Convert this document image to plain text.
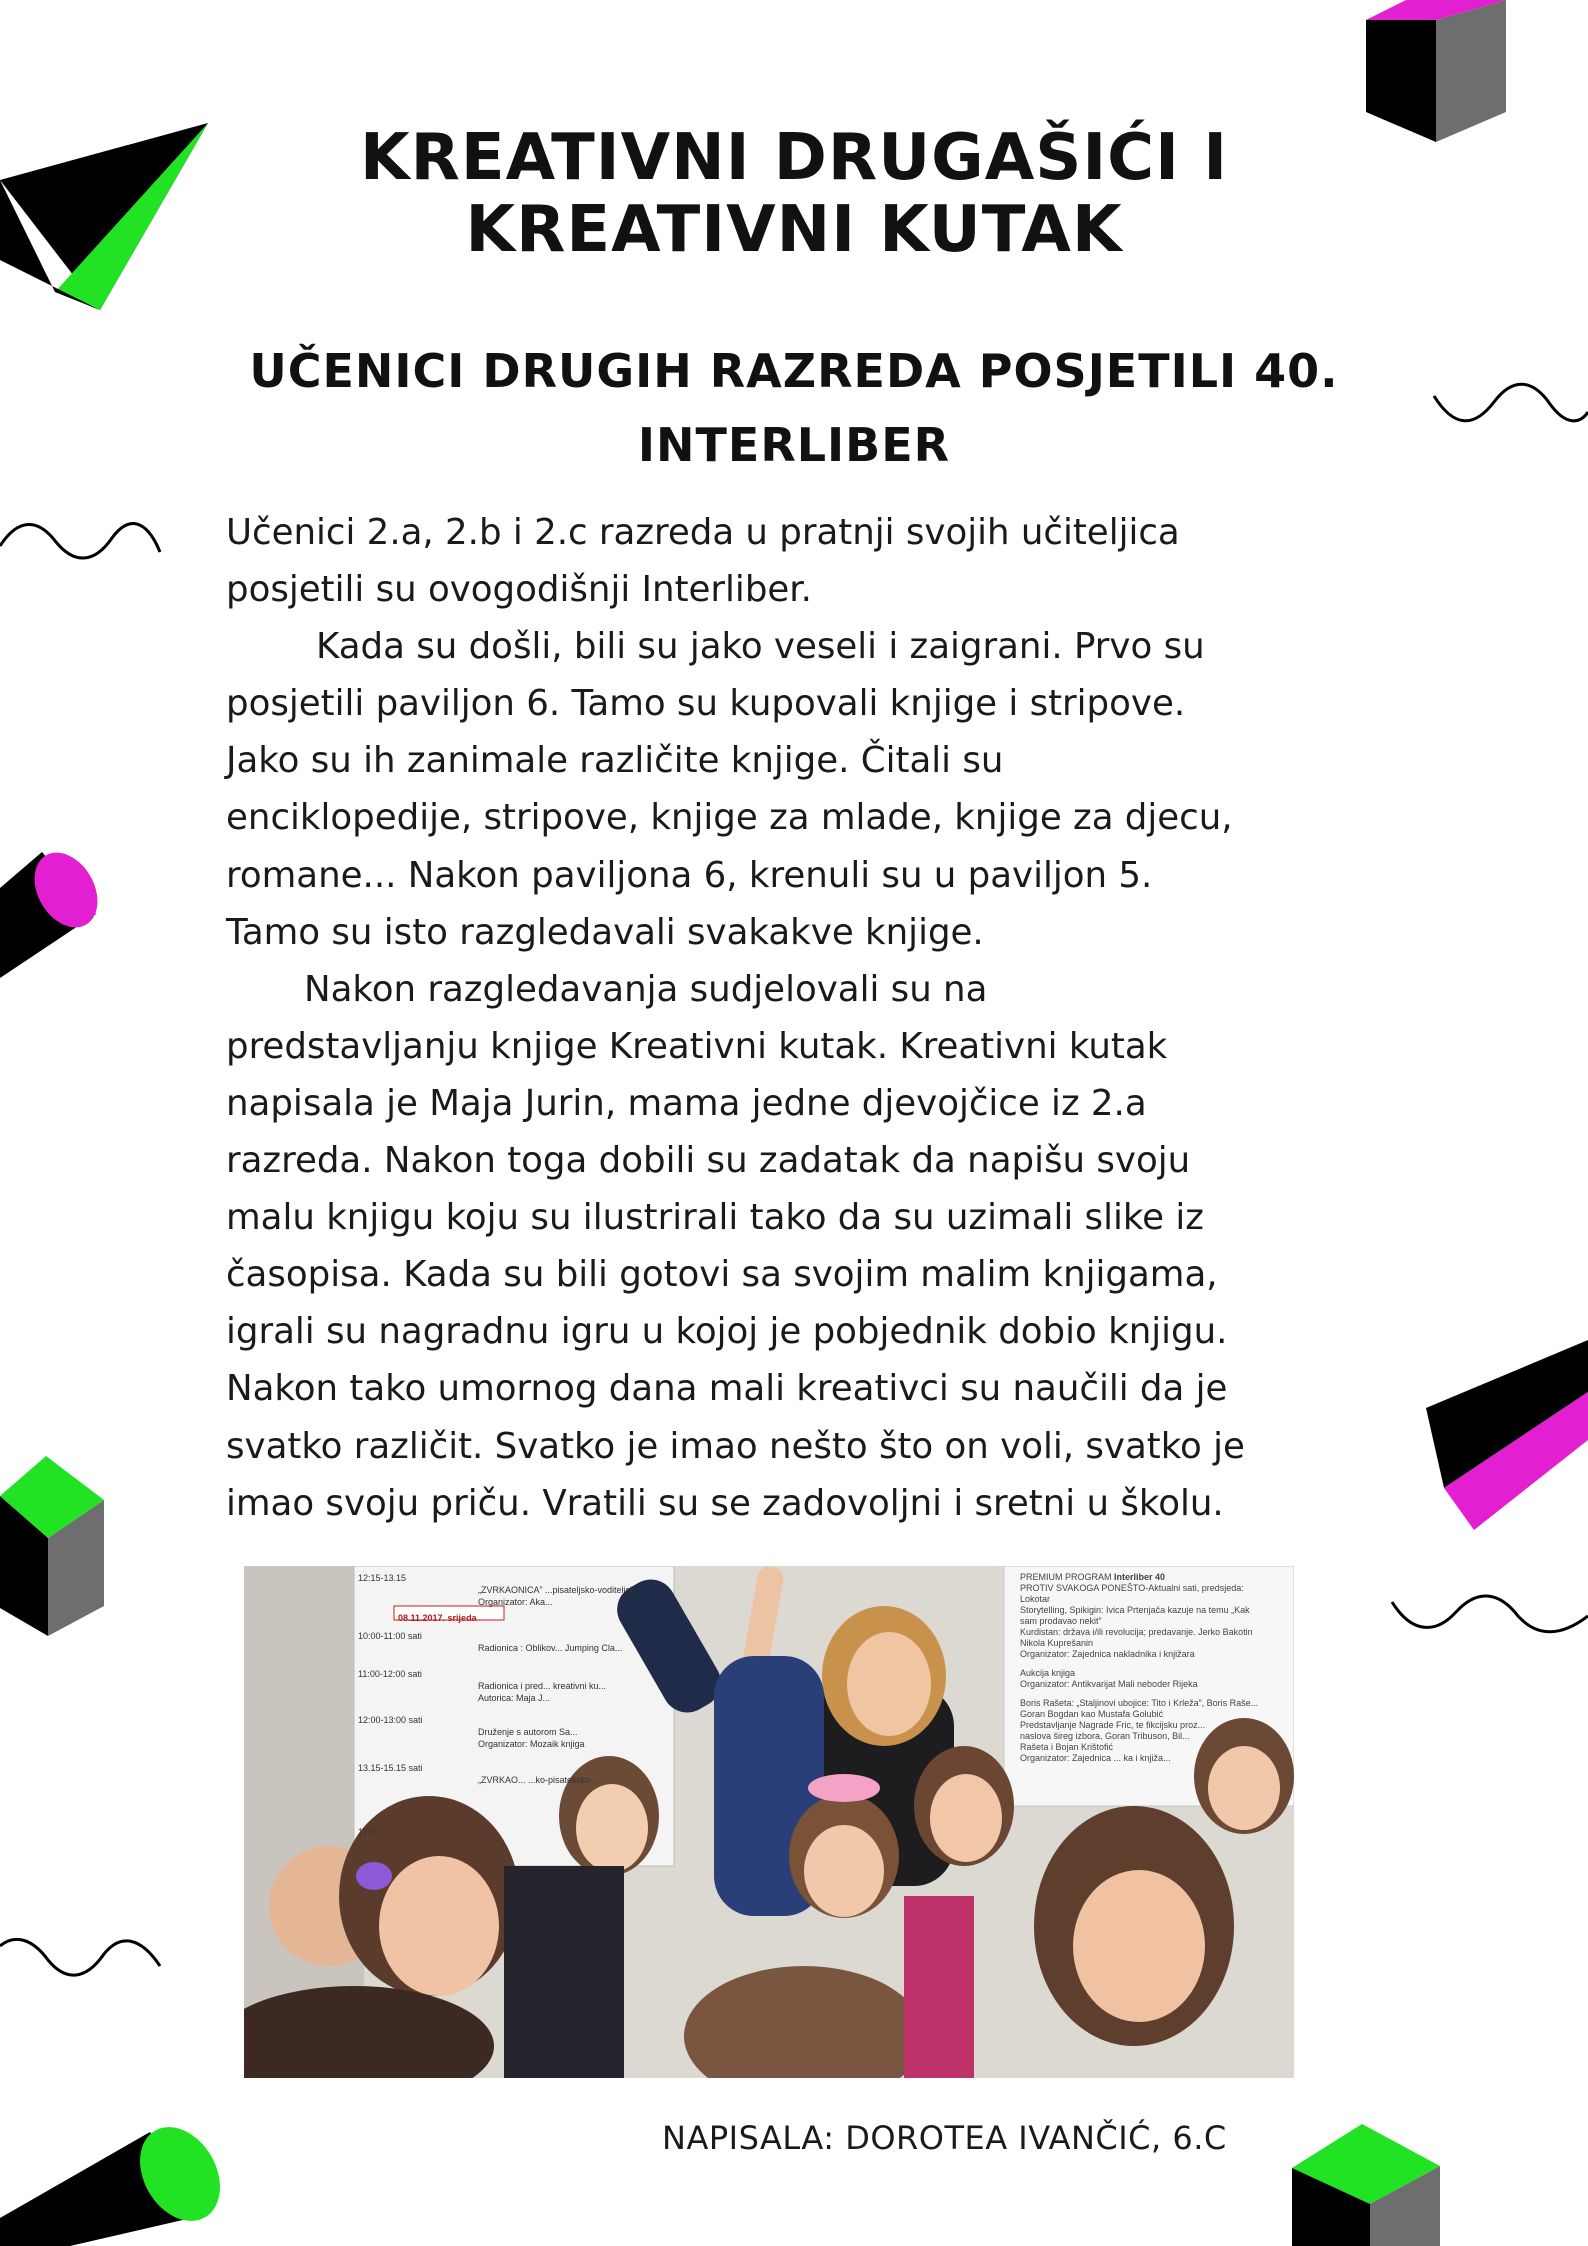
KREATIVNI DRUGAŠIĆI I
KREATIVNI KUTAK
UČENICI DRUGIH RAZREDA POSJETILI 40.
INTERLIBER
Učenici 2.a, 2.b i 2.c razreda u pratnji svojih učiteljica
posjetili su ovogodišnji Interliber.
Kada su došli, bili su jako veseli i zaigrani. Prvo su
posjetili paviljon 6. Tamo su kupovali knjige i stripove.
Jako su ih zanimale različite knjige. Čitali su
enciklopedije, stripove, knjige za mlade, knjige za djecu,
romane... Nakon paviljona 6, krenuli su u paviljon 5.
Tamo su isto razgledavali svakakve knjige.
Nakon razgledavanja sudjelovali su na
predstavljanju knjige Kreativni kutak. Kreativni kutak
napisala je Maja Jurin, mama jedne djevojčice iz 2.a
razreda. Nakon toga dobili su zadatak da napišu svoju
malu knjigu koju su ilustrirali tako da su uzimali slike iz
časopisa. Kada su bili gotovi sa svojim malim knjigama,
igrali su nagradnu igru u kojoj je pobjednik dobio knjigu.
Nakon tako umornog dana mali kreativci su naučili da je
svatko različit. Svatko je imao nešto što on voli, svatko je
imao svoju priču. Vratili su se zadovoljni i sretni u školu.
12:15-13.15
„ZVRKAONICA” ...pisateljsko-voditeljsk...
Organizator: Aka...
08.11.2017. srijeda
10:00-11:00 sati
Radionica : Oblikov... Jumping Cla...
11:00-12:00 sati
Radionica i pred... kreativni ku...
Autorica: Maja J...
12:00-13:00 sati
Druženje s autorom Sa...
Organizator: Mozaik knjiga
13.15-15.15 sati
„ZVRKAO... ...ko-pisateljsko-...
17:0...
PREMIUM PROGRAM Interliber 40
PROTIV SVAKOGA PONEŠTO-Aktualni sati, predsjeda:
Lokotar
Storytelling, Spikigin: Ivica Prtenjača kazuje na temu „Kak
sam prodavao nekit”
Kurdistan: država i/ili revolucija; predavanje. Jerko Bakotin
Nikola Kuprešanin
Organizator: Zajednica nakladnika i knjižara
Aukcija knjiga
Organizator: Antikvarijat Mali neboder Rijeka
Boris Rašeta: „Staljinovi ubojice: Tito i Krleža”, Boris Raše...
Goran Bogdan kao Mustafa Golubić
Predstavljanje Nagrade Fric, te fikcijsku proz...
naslova šireg izbora, Goran Tribuson, Bil...
Rašeta i Bojan Krištofić
Organizator: Zajednica ... ka i knjiža...
NAPISALA: DOROTEA IVANČIĆ, 6.C
